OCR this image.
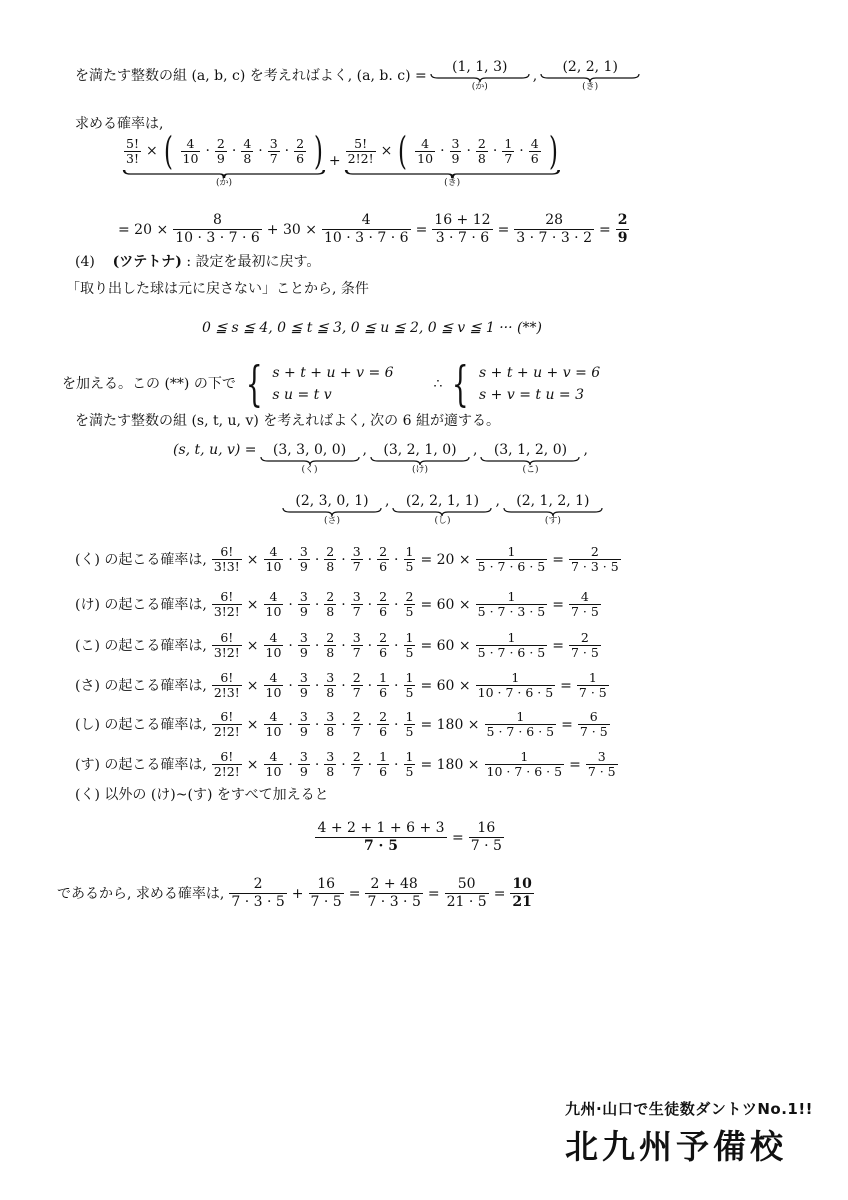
を満たす整数の組 (a, b, c) を考えればよく, (a, b. c) =
(1, 1, 3)
(か)
,
(2, 2, 1)
(き)
求める確率は,
$\frac{5!}{3!}$ × ( $\frac{4}{10} \cdot \frac{2}{9} \cdot \frac{4}{8} \cdot \frac{3}{7} \cdot \frac{2}{6}$ )
(か)
+ $\frac{5!}{2!2!}$ × ( $\frac{4}{10} \cdot \frac{3}{9} \cdot \frac{2}{8} \cdot \frac{1}{7} \cdot \frac{4}{6}$ )
(き)
= $20 \times \frac{8}{10 \cdot 3 \cdot 7 \cdot 6} + 30 \times \frac{4}{10 \cdot 3 \cdot 7 \cdot 6} = \frac{16 + 12}{3 \cdot 7 \cdot 6} = \frac{28}{3 \cdot 7 \cdot 3 \cdot 2} = \frac{2}{9}$
(4) (ツテトナ) : 設定を最初に戻す。
「取り出した球は元に戻さない」ことから, 条件
0 ≦ s ≦ 4, 0 ≦ t ≦ 3, 0 ≦ u ≦ 2, 0 ≦ v ≦ 1 ··· (**)
を加える。この (**) の下で { s + t + u + v = 6
s u = t v
∴ { s + t + u + v = 6
s + v = t u = 3
を満たす整数の組 (s, t, u, v) を考えればよく, 次の 6 組が適する。
(s, t, u, v) = (3, 3, 0, 0)
(く)
, (3, 2, 1, 0)
(け)
, (3, 1, 2, 0)
(こ)
,
(2, 3, 0, 1)
(さ)
, (2, 2, 1, 1)
(し)
, (2, 1, 2, 1)
(す)
(く) の起こる確率は, $\frac{6!}{3!3!} \times \frac{4}{10} \cdot \frac{3}{9} \cdot \frac{2}{8} \cdot \frac{3}{7} \cdot \frac{2}{6} \cdot \frac{1}{5} = 20 \times \frac{1}{5 \cdot 7 \cdot 6 \cdot 5} = \frac{2}{7 \cdot 3 \cdot 5}$
(け) の起こる確率は, $\frac{6!}{3!2!} \times \frac{4}{10} \cdot \frac{3}{9} \cdot \frac{2}{8} \cdot \frac{3}{7} \cdot \frac{2}{6} \cdot \frac{2}{5} = 60 \times \frac{1}{5 \cdot 7 \cdot 3 \cdot 5} = \frac{4}{7 \cdot 5}$
(こ) の起こる確率は, $\frac{6!}{3!2!} \times \frac{4}{10} \cdot \frac{3}{9} \cdot \frac{2}{8} \cdot \frac{3}{7} \cdot \frac{2}{6} \cdot \frac{1}{5} = 60 \times \frac{1}{5 \cdot 7 \cdot 6 \cdot 5} = \frac{2}{7 \cdot 5}$
(さ) の起こる確率は, $\frac{6!}{2!3!} \times \frac{4}{10} \cdot \frac{3}{9} \cdot \frac{3}{8} \cdot \frac{2}{7} \cdot \frac{1}{6} \cdot \frac{1}{5} = 60 \times \frac{1}{10 \cdot 7 \cdot 6 \cdot 5} = \frac{1}{7 \cdot 5}$
(し) の起こる確率は, $\frac{6!}{2!2!} \times \frac{4}{10} \cdot \frac{3}{9} \cdot \frac{3}{8} \cdot \frac{2}{7} \cdot \frac{2}{6} \cdot \frac{1}{5} = 180 \times \frac{1}{5 \cdot 7 \cdot 6 \cdot 5} = \frac{6}{7 \cdot 5}$
(す) の起こる確率は, $\frac{6!}{2!2!} \times \frac{4}{10} \cdot \frac{3}{9} \cdot \frac{3}{8} \cdot \frac{2}{7} \cdot \frac{1}{6} \cdot \frac{1}{5} = 180 \times \frac{1}{10 \cdot 7 \cdot 6 \cdot 5} = \frac{3}{7 \cdot 5}$
(く) 以外の (け)~(す) をすべて加えると
$\frac{4 + 2 + 1 + 6 + 3}{7 \cdot 5} = \frac{16}{7 \cdot 5}$
であるから, 求める確率は, $\frac{2}{7 \cdot 3 \cdot 5} + \frac{16}{7 \cdot 5} = \frac{2 + 48}{7 \cdot 3 \cdot 5} = \frac{50}{21 \cdot 5} = \frac{10}{21}$
九州·山口で生徒数ダントツNo.1!!
北九州予備校
